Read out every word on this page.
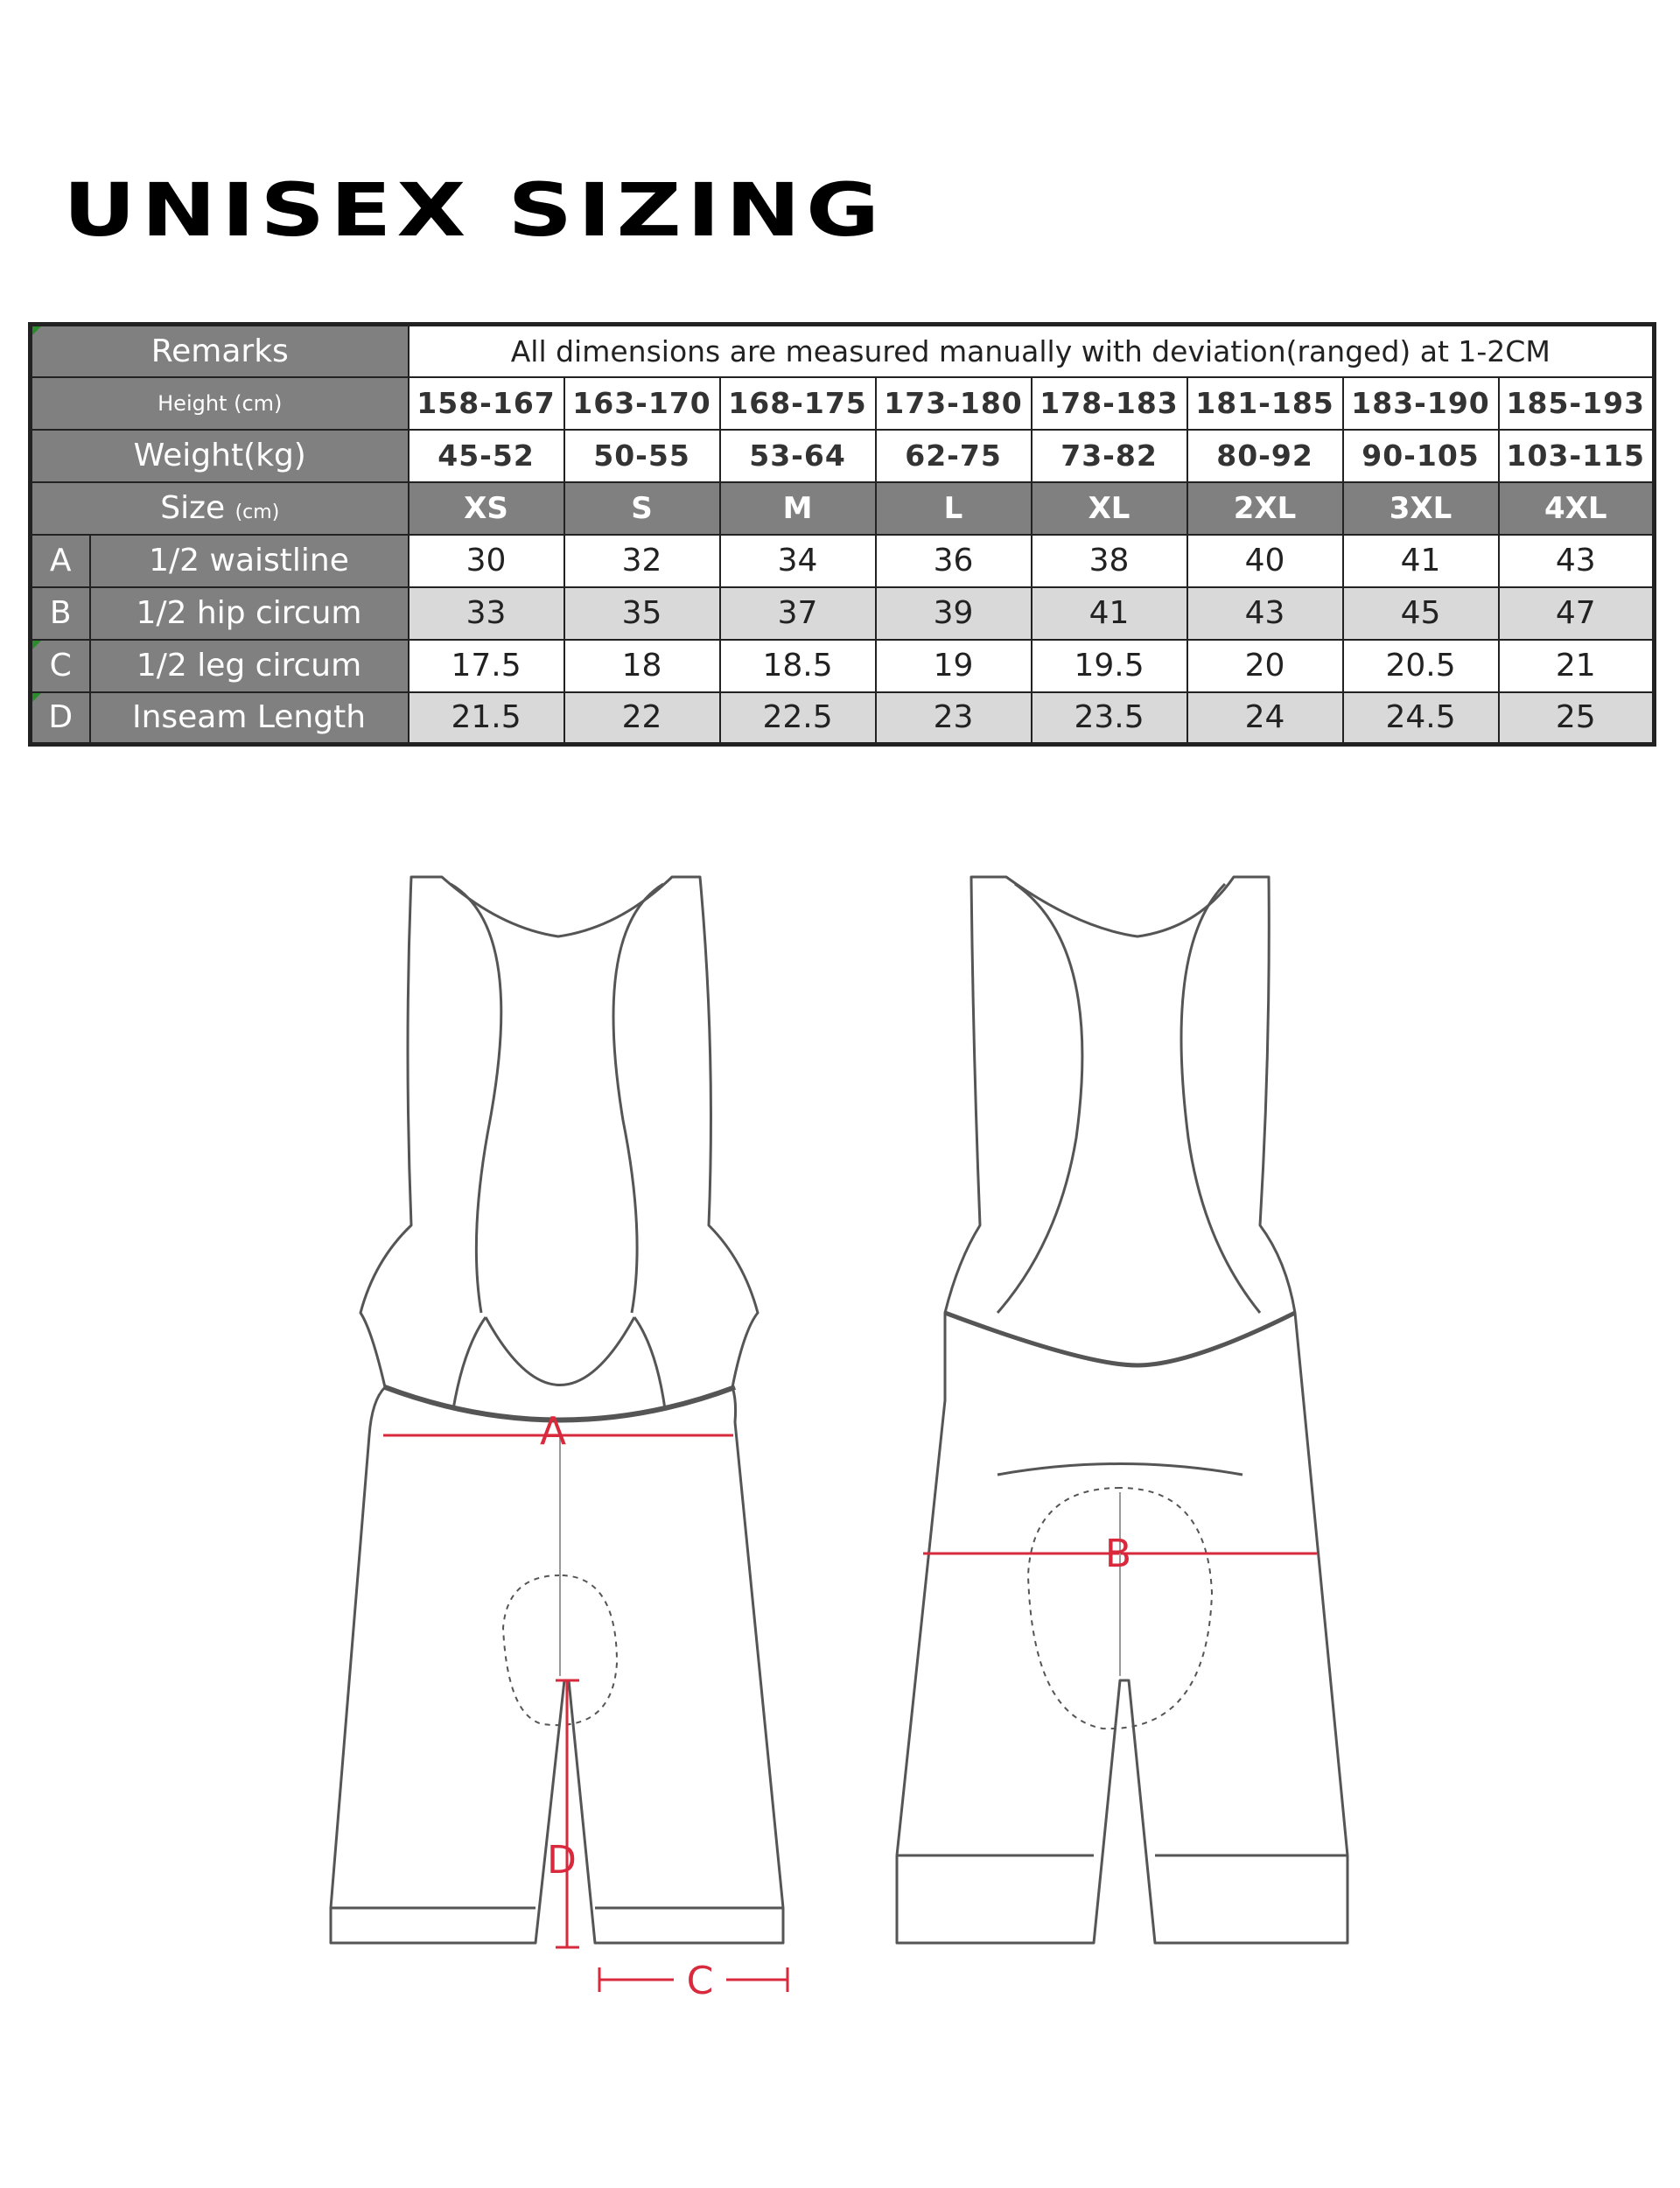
UNISEX SIZING
Remarks		All dimensions are measured manually with deviation(ranged) at 1-2CM							
Height (cm)		158-167	163-170	168-175	173-180	178-183	181-185	183-190	185-193
Weight(kg)		45-52	50-55	53-64	62-75	73-82	80-92	90-105	103-115
Size (cm)		XS	S	M	L	XL	2XL	3XL	4XL
A	1/2 waistline	30	32	34	36	38	40	41	43
B	1/2 hip circum	33	35	37	39	41	43	45	47
C	1/2 leg circum	17.5	18	18.5	19	19.5	20	20.5	21
D	Inseam Length	21.5	22	22.5	23	23.5	24	24.5	25
A
B
C
D
